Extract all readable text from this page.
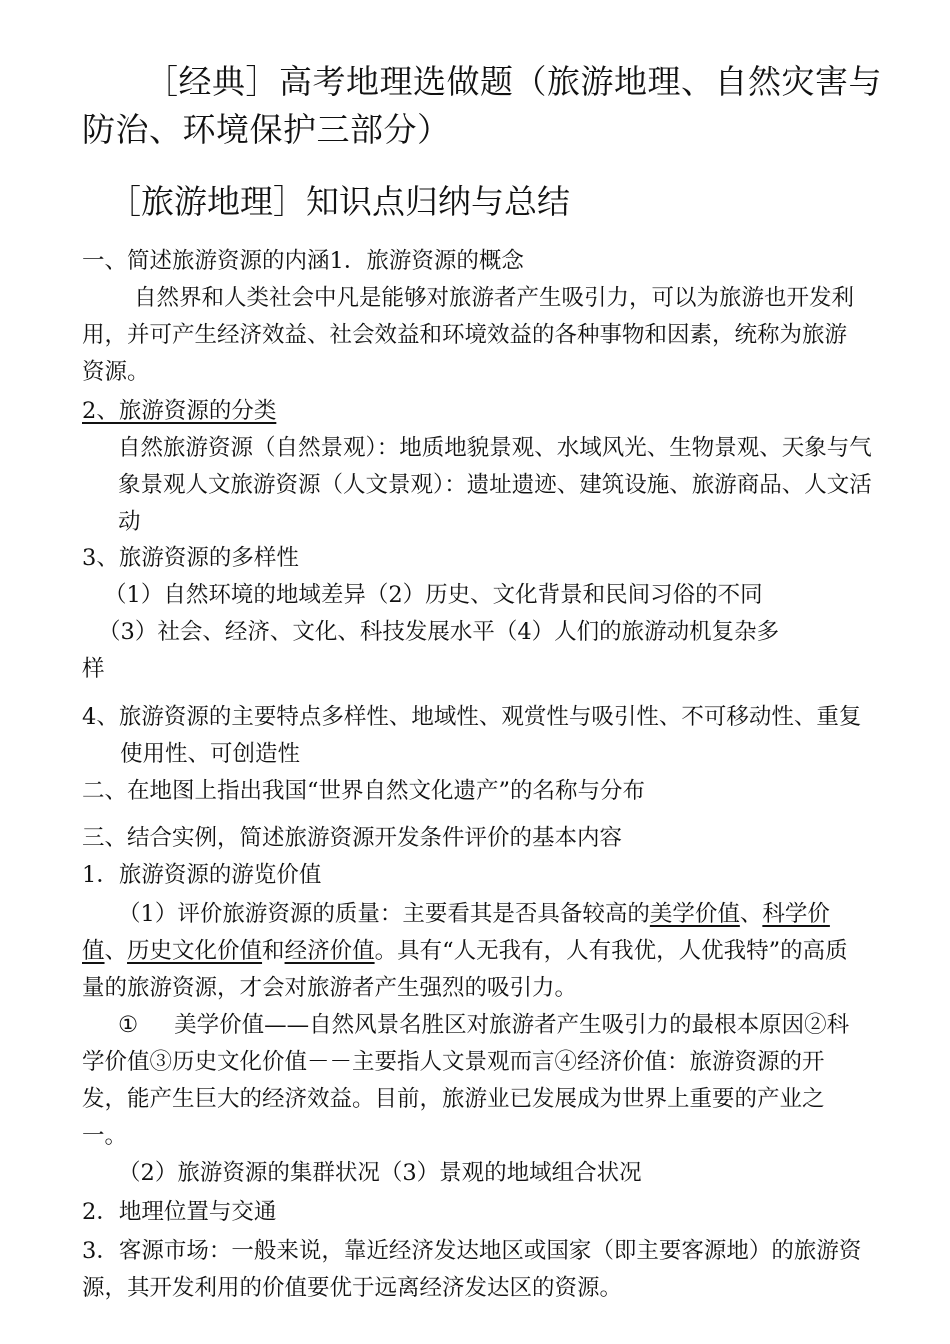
［经典］高考地理选做题（旅游地理、自然灾害与防治、环境保护三部分）
［旅游地理］知识点归纳与总结
一、简述旅游资源的内涵1．旅游资源的概念
自然界和人类社会中凡是能够对旅游者产生吸引力，可以为旅游也开发利用，并可产生经济效益、社会效益和环境效益的各种事物和因素，统称为旅游资源。
2、旅游资源的分类
自然旅游资源（自然景观）：地质地貌景观、水域风光、生物景观、天象与气象景观人文旅游资源（人文景观）：遗址遗迹、建筑设施、旅游商品、人文活动
3、旅游资源的多样性
（1）自然环境的地域差异（2）历史、文化背景和民间习俗的不同
（3）社会、经济、文化、科技发展水平（4）人们的旅游动机复杂多
样
4、旅游资源的主要特点多样性、地域性、观赏性与吸引性、不可移动性、重复使用性、可创造性
二、在地图上指出我国“世界自然文化遗产”的名称与分布
三、结合实例，简述旅游资源开发条件评价的基本内容
1．旅游资源的游览价值
（1）评价旅游资源的质量：主要看其是否具备较高的美学价值、科学价值、历史文化价值和经济价值。具有“人无我有，人有我优，人优我特”的高质量的旅游资源，才会对旅游者产生强烈的吸引力。
① 美学价值——自然风景名胜区对旅游者产生吸引力的最根本原因②科学价值③历史文化价值－－主要指人文景观而言④经济价值：旅游资源的开发，能产生巨大的经济效益。目前，旅游业已发展成为世界上重要的产业之一。
（2）旅游资源的集群状况（3）景观的地域组合状况
2．地理位置与交通
3．客源市场：一般来说，靠近经济发达地区或国家（即主要客源地）的旅游资源，其开发利用的价值要优于远离经济发达区的资源。
